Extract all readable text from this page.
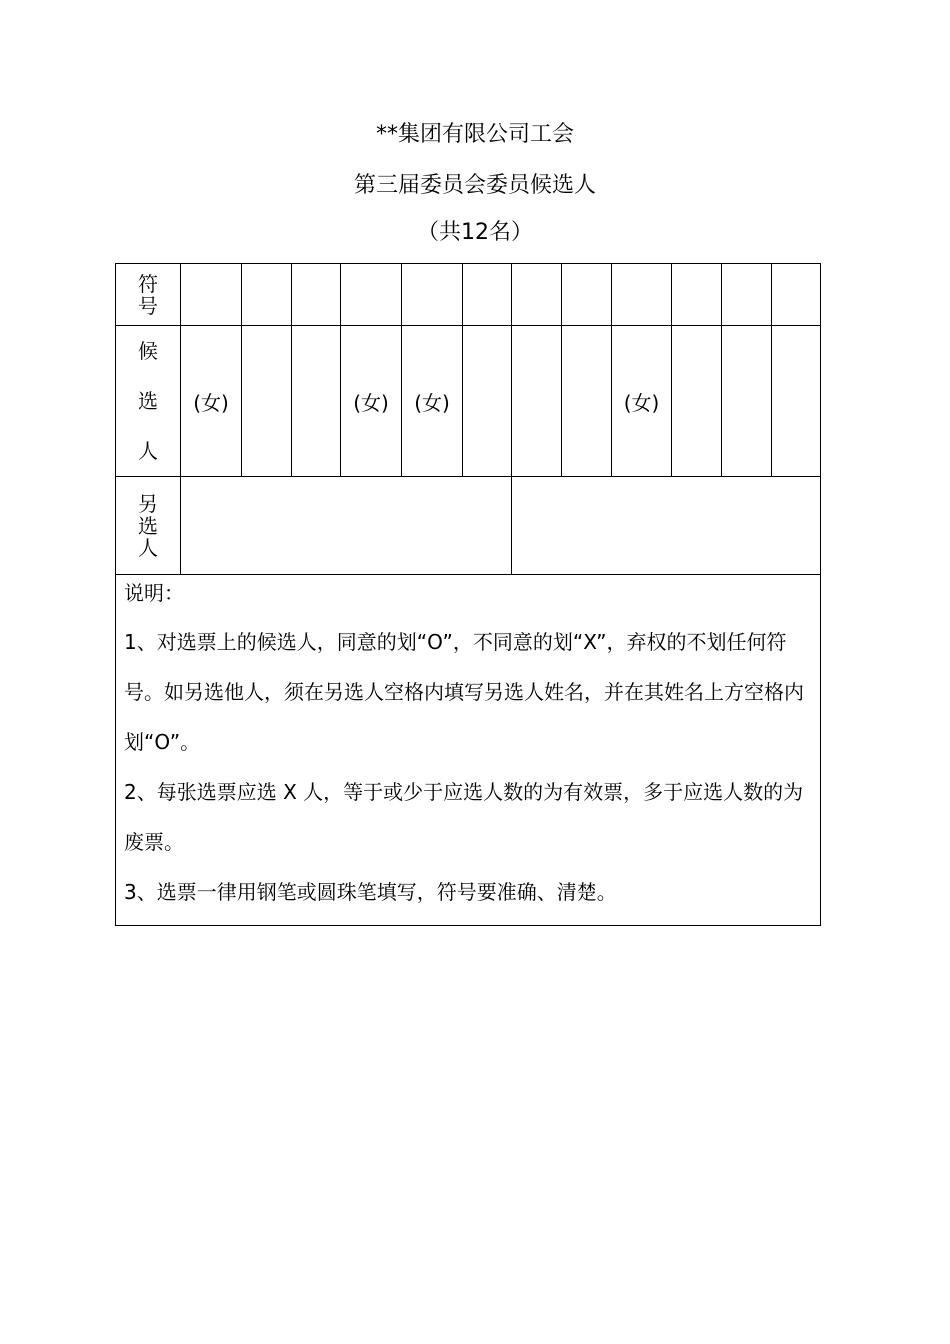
**集团有限公司工会
第三届委员会委员候选人
（共12名）
符
号												

候
选
人	(女)			(女)	(女)				(女)			

另
选
人												

说明：

1、对选票上的候选人，同意的划“O”，不同意的划“X”，弃权的不划任何符号。如另选他人，须在另选人空格内填写另选人姓名，并在其姓名上方空格内划“O”。

2、每张选票应选 X 人，等于或少于应选人数的为有效票，多于应选人数的为废票。

3、选票一律用钢笔或圆珠笔填写，符号要准确、清楚。												
